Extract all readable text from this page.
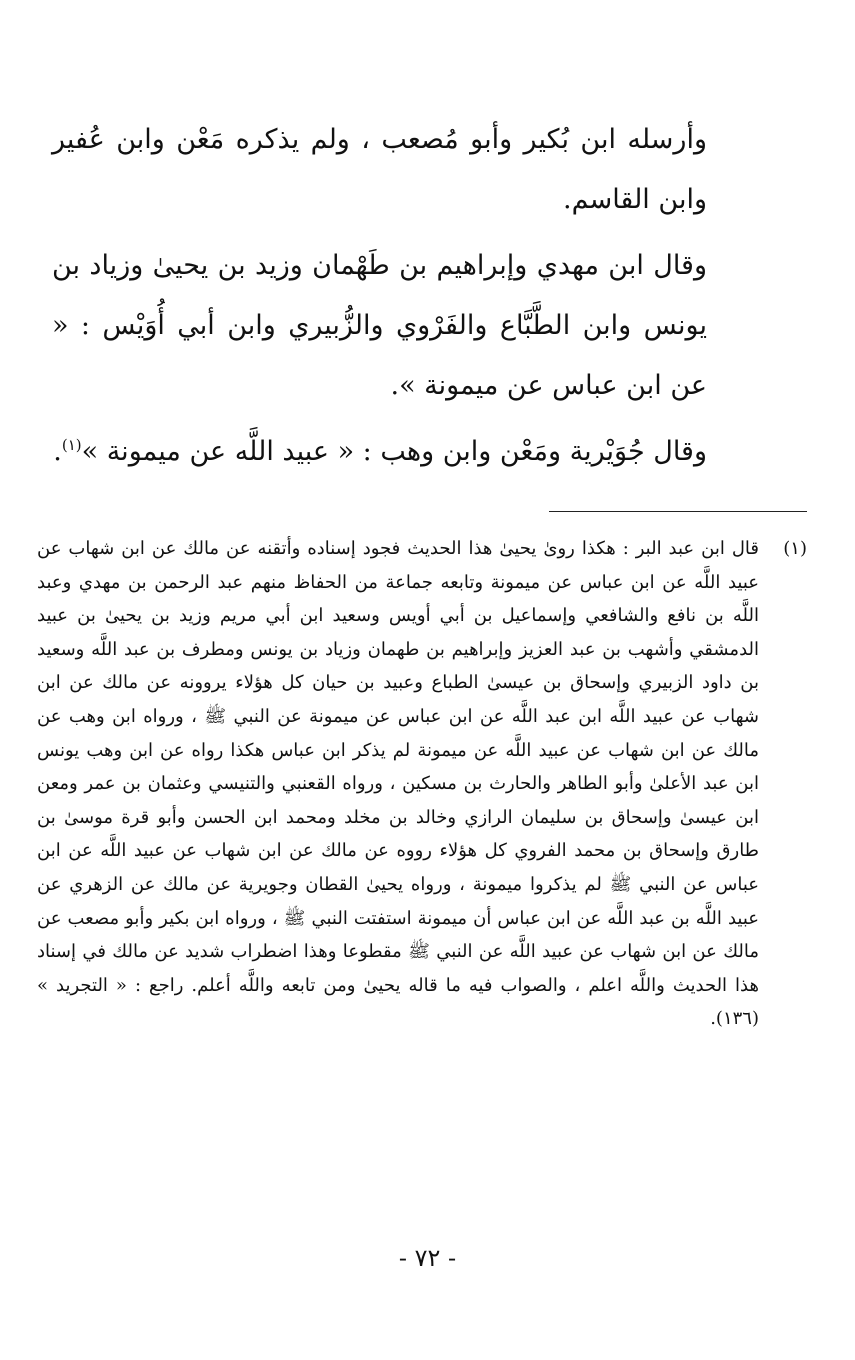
وأرسله ابن بُكير وأبو مُصعب ، ولم يذكره مَعْن وابن عُفير وابن القاسم.

وقال ابن مهدي وإبراهيم بن طَهْمان وزيد بن يحيىٰ وزياد بن يونس وابن الطَّبَّاع والفَرْوي والزُّبيري وابن أبي أُوَيْس : « عن ابن عباس عن ميمونة ».

وقال جُوَيْرية ومَعْن وابن وهب : « عبيد اللَّه عن ميمونة »$^{(١)}$.

(١)
قال ابن عبد البر : هكذا روىٰ يحيىٰ هذا الحديث فجود إسناده وأتقنه عن مالك عن ابن شهاب عن عبيد اللَّه عن ابن عباس عن ميمونة وتابعه جماعة من الحفاظ منهم عبد الرحمن بن مهدي وعبد اللَّه بن نافع والشافعي وإسماعيل بن أبي أويس وسعيد ابن أبي مريم وزيد بن يحيىٰ بن عبيد الدمشقي وأشهب بن عبد العزيز وإبراهيم بن طهمان وزياد بن يونس ومطرف بن عبد اللَّه وسعيد بن داود الزبيري وإسحاق بن عيسىٰ الطباع وعبيد بن حيان كل هؤلاء يروونه عن مالك عن ابن شهاب عن عبيد اللَّه ابن عبد اللَّه عن ابن عباس عن ميمونة عن النبي ﷺ ، ورواه ابن وهب عن مالك عن ابن شهاب عن عبيد اللَّه عن ميمونة لم يذكر ابن عباس هكذا رواه عن ابن وهب يونس ابن عبد الأعلىٰ وأبو الطاهر والحارث بن مسكين ، ورواه القعنبي والتنيسي وعثمان بن عمر ومعن ابن عيسىٰ وإسحاق بن سليمان الرازي وخالد بن مخلد ومحمد ابن الحسن وأبو قرة موسىٰ بن طارق وإسحاق بن محمد الفروي كل هؤلاء رووه عن مالك عن ابن شهاب عن عبيد اللَّه عن ابن عباس عن النبي ﷺ لم يذكروا ميمونة ، ورواه يحيىٰ القطان وجويرية عن مالك عن الزهري عن عبيد اللَّه بن عبد اللَّه عن ابن عباس أن ميمونة استفتت النبي ﷺ ، ورواه ابن بكير وأبو مصعب عن مالك عن ابن شهاب عن عبيد اللَّه عن النبي ﷺ مقطوعا وهذا اضطراب شديد عن مالك في إسناد هذا الحديث واللَّه اعلم ، والصواب فيه ما قاله يحيىٰ ومن تابعه واللَّه أعلم. راجع : « التجريد » (١٣٦).
- ٧٢ -
